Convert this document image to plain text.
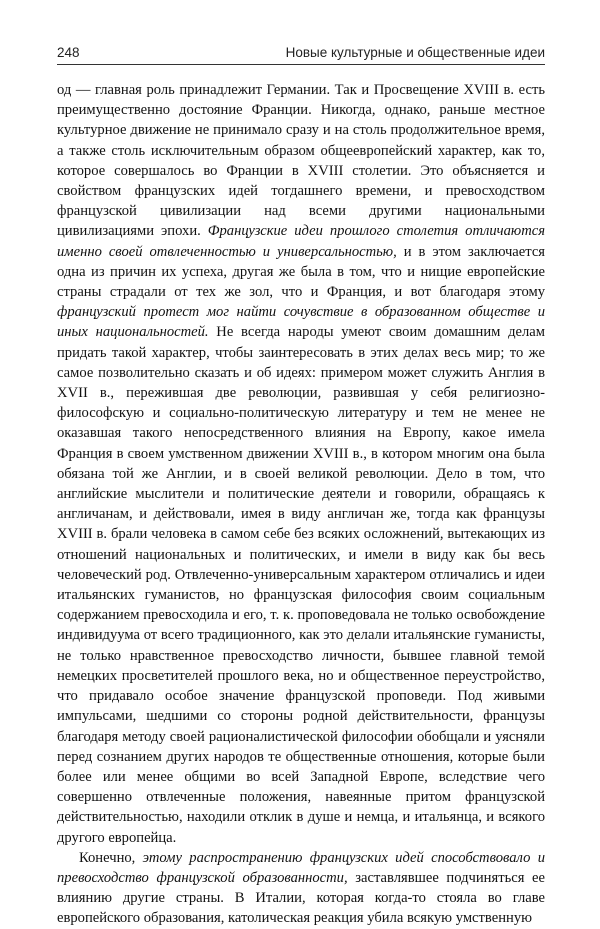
248	Новые культурные и общественные идеи

од — главная роль принадлежит Германии. Так и Просвещение XVIII в. есть преимущественно достояние Франции. Никогда, однако, раньше местное культурное движение не принимало сразу и на столь продолжительное время, а также столь исключительным образом общеевропейский характер, как то, которое совершалось во Франции в XVIII столетии. Это объясняется и свойством французских идей тогдашнего времени, и превосходством французской цивилизации над всеми другими национальными цивилизациями эпохи. Французские идеи прошлого столетия отличаются именно своей отвлеченностью и универсальностью, и в этом заключается одна из причин их успеха, другая же была в том, что и нищие европейские страны страдали от тех же зол, что и Франция, и вот благодаря этому французский протест мог найти сочувствие в образованном обществе и иных национальностей. Не всегда народы умеют своим домашним делам придать такой характер, чтобы заинтересовать в этих делах весь мир; то же самое позволительно сказать и об идеях: примером может служить Англия в XVII в., пережившая две революции, развившая у себя религиозно-философскую и социально-политическую литературу и тем не менее не оказавшая такого непосредственного влияния на Европу, какое имела Франция в своем умственном движении XVIII в., в котором многим она была обязана той же Англии, и в своей великой революции. Дело в том, что английские мыслители и политические деятели и говорили, обращаясь к англичанам, и действовали, имея в виду англичан же, тогда как французы XVIII в. брали человека в самом себе без всяких осложнений, вытекающих из отношений национальных и политических, и имели в виду как бы весь человеческий род. Отвлеченно-универсальным характером отличались и идеи итальянских гуманистов, но французская философия своим социальным содержанием превосходила и его, т. к. проповедовала не только освобождение индивидуума от всего традиционного, как это делали итальянские гуманисты, не только нравственное превосходство личности, бывшее главной темой немецких просветителей прошлого века, но и общественное переустройство, что придавало особое значение французской проповеди. Под живыми импульсами, шедшими со стороны родной действительности, французы благодаря методу своей рационалистической философии обобщали и уясняли перед сознанием других народов те общественные отношения, которые были более или менее общими во всей Западной Европе, вследствие чего совершенно отвлеченные положения, навеянные притом французской действительностью, находили отклик в душе и немца, и итальянца, и всякого другого европейца.

Конечно, этому распространению французских идей способствовало и превосходство французской образованности, заставлявшее подчиняться ее влиянию другие страны. В Италии, которая когда-то стояла во главе европейского образования, католическая реакция убила всякую умственную
